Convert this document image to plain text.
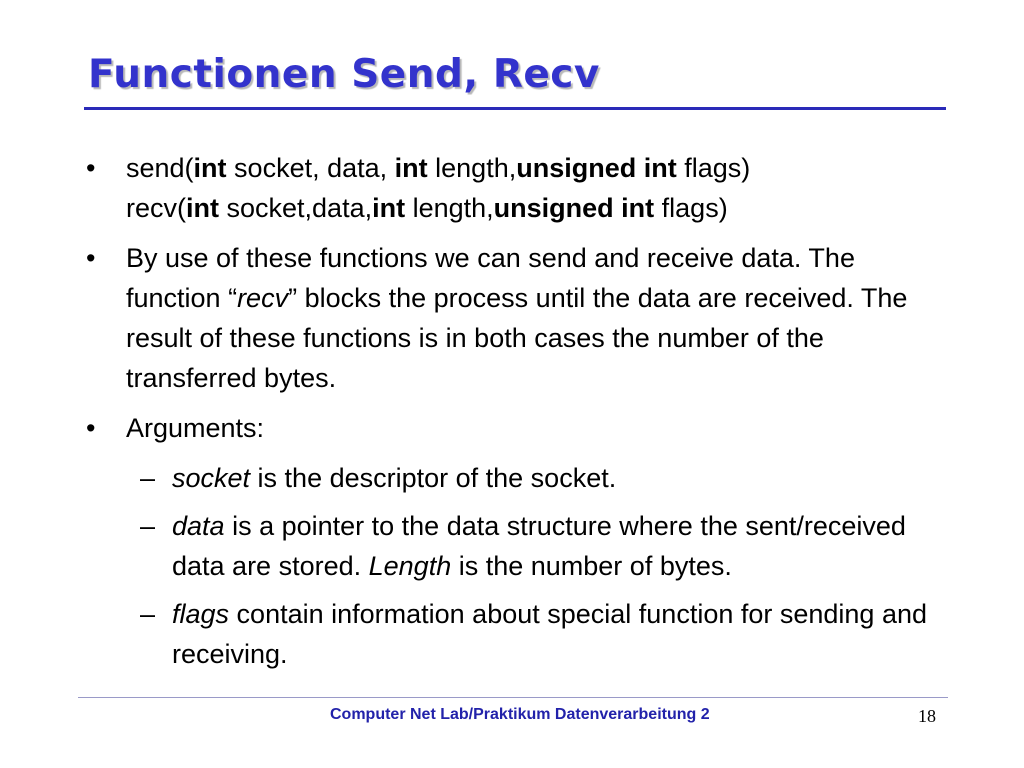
Functionen Send, Recv
• send(int socket, data, int length,unsigned int flags)
recv(int socket,data,int length,unsigned int flags)
• By use of these functions we can send and receive data. The function “recv” blocks the process until the data are received. The result of these functions is in both cases the number of the transferred bytes.
• Arguments:
– socket is the descriptor of the socket.
– data is a pointer to the data structure where the sent/received data are stored. Length is the number of bytes.
– flags contain information about special function for sending and receiving.
Computer Net Lab/Praktikum Datenverarbeitung 2	18
